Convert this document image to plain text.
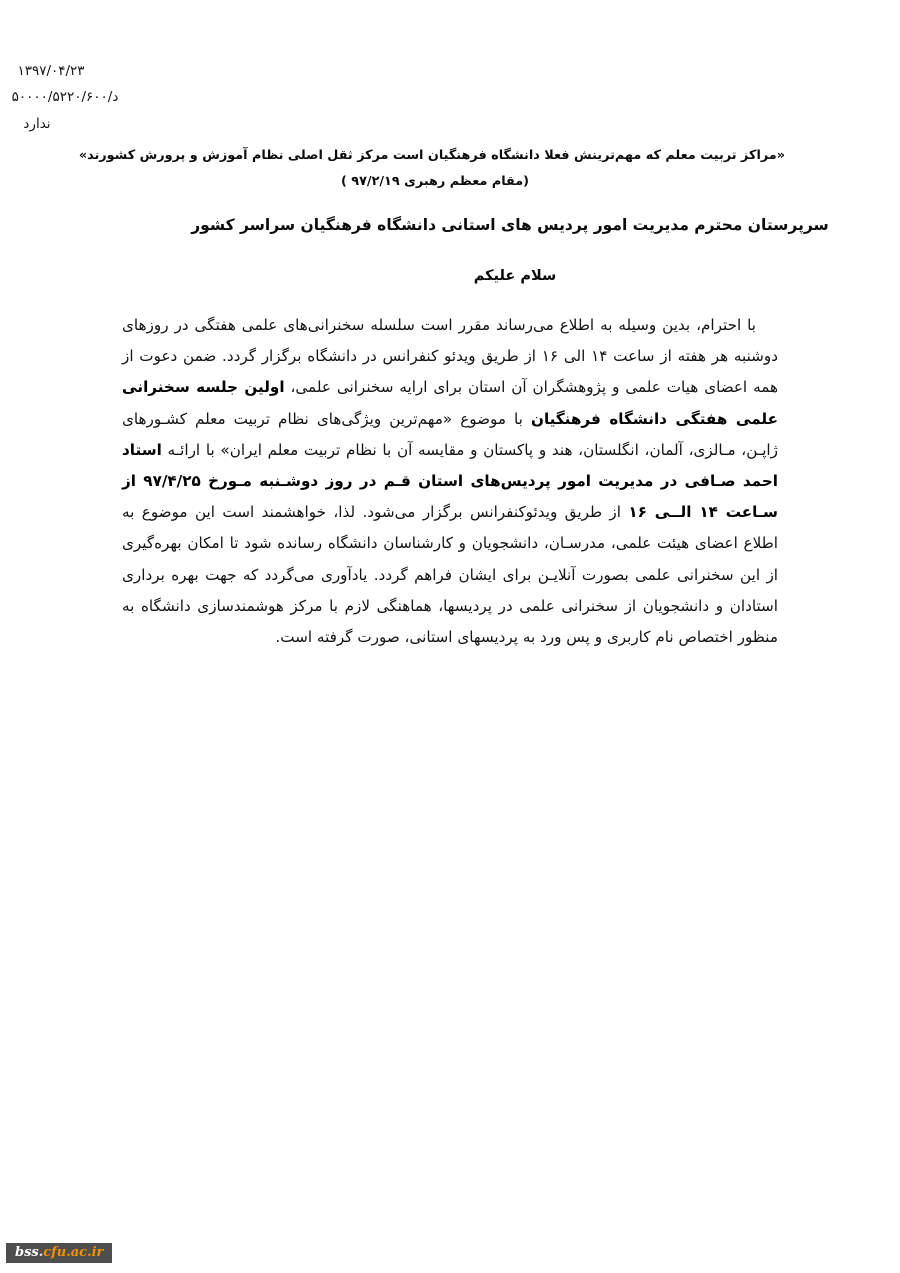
۱۳۹۷/۰۴/۲۳
د/۵۰۰۰۰/۵۲۲۰/۶۰۰
ندارد
«مراکز تربیت معلم که مهم‌ترینش فعلا دانشگاه فرهنگیان است مرکز ثقل اصلی نظام آموزش و پرورش کشورند»
(مقام معظم رهبری ۹۷/۲/۱۹ )
سرپرستان محترم مدیریت امور پردیس های استانی دانشگاه فرهنگیان سراسر کشور
سلام علیکم

با احترام، بدین وسیله به اطلاع می‌رساند مقرر است سلسله سخنرانی‌های علمی هفتگی در روزهای دوشنبه هر هفته از ساعت ۱۴ الی ۱۶ از طریق ویدئو کنفرانس در دانشگاه برگزار گردد. ضمن دعوت از همه اعضای هیات علمی و پژوهشگران آن استان برای ارایه سخنرانی علمی، اولین جلسه سخنرانی علمی هفتگی دانشگاه فرهنگیان با موضوع «مهم‌ترین ویژگی‌های نظام تربیت معلم کشـورهای ژاپـن، مـالزی، آلمان، انگلستان، هند و پاکستان و مقایسه آن با نظام تربیت معلم ایران» با ارائـه استاد احمد صـافی در مدیریت امور پردیس‌های استان قـم در روز دوشـنبه مـورخ ۹۷/۴/۲۵ از سـاعت ۱۴ الــی ۱۶ از طریق ویدئوکنفرانس برگزار می‌شود. لذا، خواهشمند است این موضوع به اطلاع اعضای هیئت علمی، مدرسـان، دانشجویان و کارشناسان دانشگاه رسانده شود تا امکان بهره‌گیری از این سخنرانی علمی بصورت آنلایـن برای ایشان فراهم گردد. یادآوری می‌گردد که جهت بهره برداری استادان و دانشجویان از سخنرانی علمی در پردیسها، هماهنگی لازم با مرکز هوشمندسازی دانشگاه به منظور اختصاص نام کاربری و پس ورد به پردیسهای استانی، صورت گرفته است.

bss.cfu.ac.ir
